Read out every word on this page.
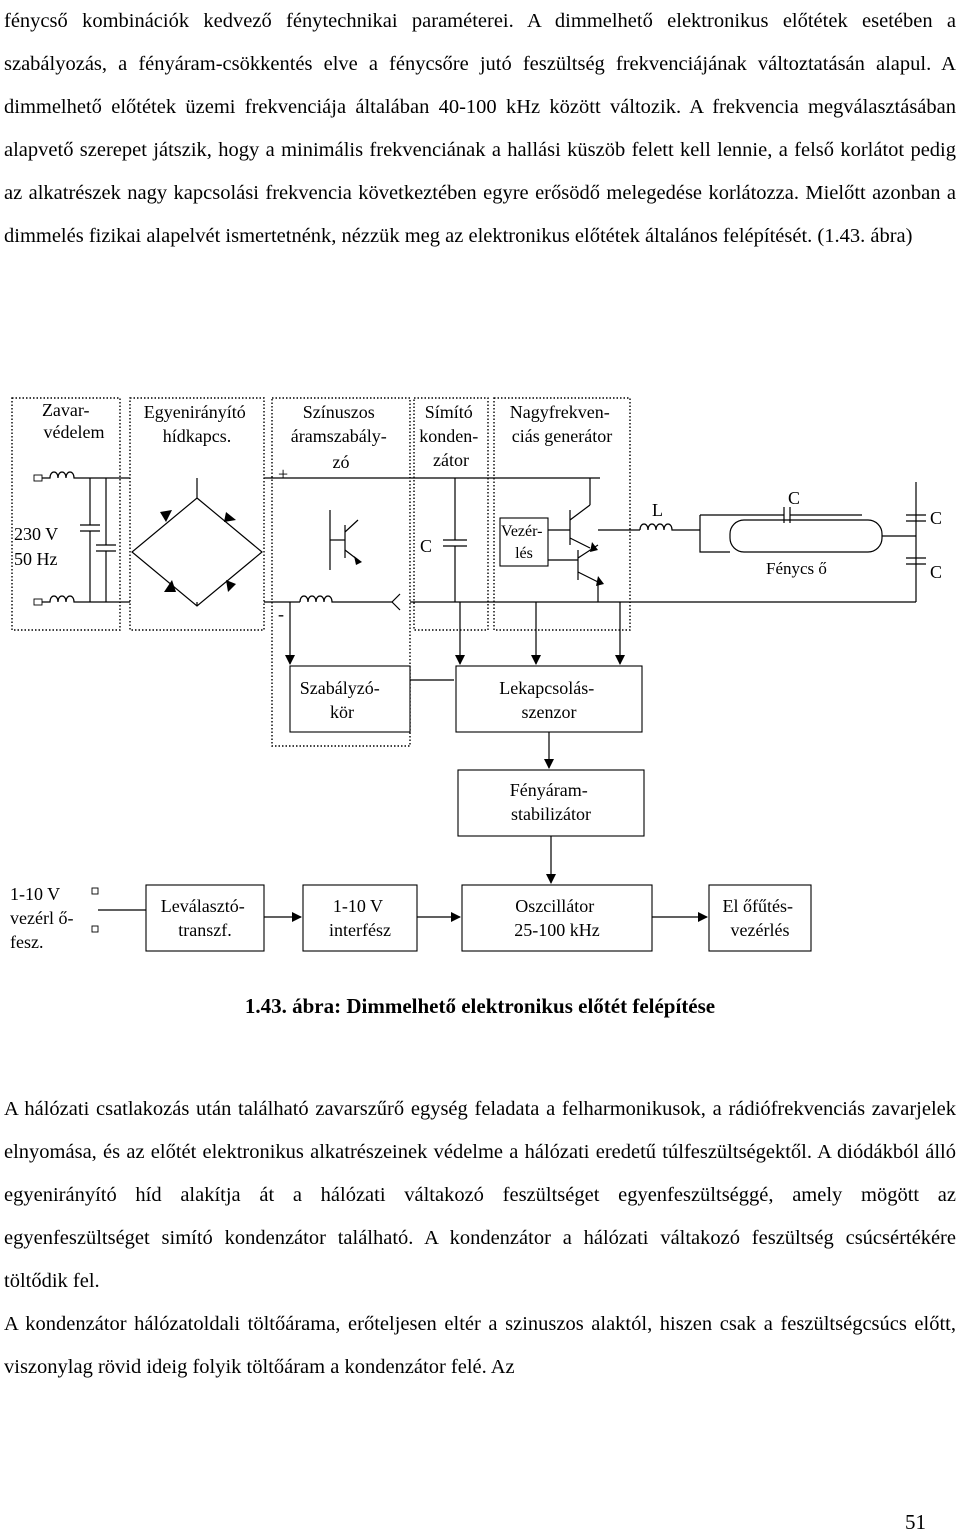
fénycső kombinációk kedvező fénytechnikai paraméterei. A dimmelhető elektronikus előtétek esetében a szabályozás, a fényáram-csökkentés elve a fénycsőre jutó feszültség frekvenciájának változtatásán alapul. A dimmelhető előtétek üzemi frekvenciája általában 40-100 kHz között változik. A frekvencia megválasztásában alapvető szerepet játszik, hogy a minimális frekvenciának a hallási küszöb felett kell lennie, a felső korlátot pedig az alkatrészek nagy kapcsolási frekvencia következtében egyre erősödő melegedése korlátozza. Mielőtt azonban a dimmelés fizikai alapelvét ismertetnénk, nézzük meg az elektronikus előtétek általános felépítését. (1.43. ábra)

Zavar- védelem
Egyenirányító hídkapcs.
Színuszos áramszabály- zó
Símító konden- zátor
Nagyfrekven- ciás generátor
230 V 50 Hz
+
-
C
Vezér- lés
L
C
Fénycs ő
C
C
Szabályzó- kör
Lekapcsolás- szenzor
Fényáram- stabilizátor
1-10 V vezérl ő- fesz.
Leválasztó- transzf.
1-10 V interfész
Oszcillátor 25-100 kHz
El őfűtés- vezérlés
1.43. ábra: Dimmelhető elektronikus előtét felépítése

A hálózati csatlakozás után található zavarszűrő egység feladata a felharmonikusok, a rádiófrekvenciás zavarjelek elnyomása, és az előtét elektronikus alkatrészeinek védelme a hálózati eredetű túlfeszültségektől. A diódákból álló egyenirányító híd alakítja át a hálózati váltakozó feszültséget egyenfeszültséggé, amely mögött az egyenfeszültséget simító kondenzátor található. A kondenzátor a hálózati váltakozó feszültség csúcsértékére töltődik fel.

A kondenzátor hálózatoldali töltőárama, erőteljesen eltér a szinuszos alaktól, hiszen csak a feszültségcsúcs előtt, viszonylag rövid ideig folyik töltőáram a kondenzátor felé. Az

51
